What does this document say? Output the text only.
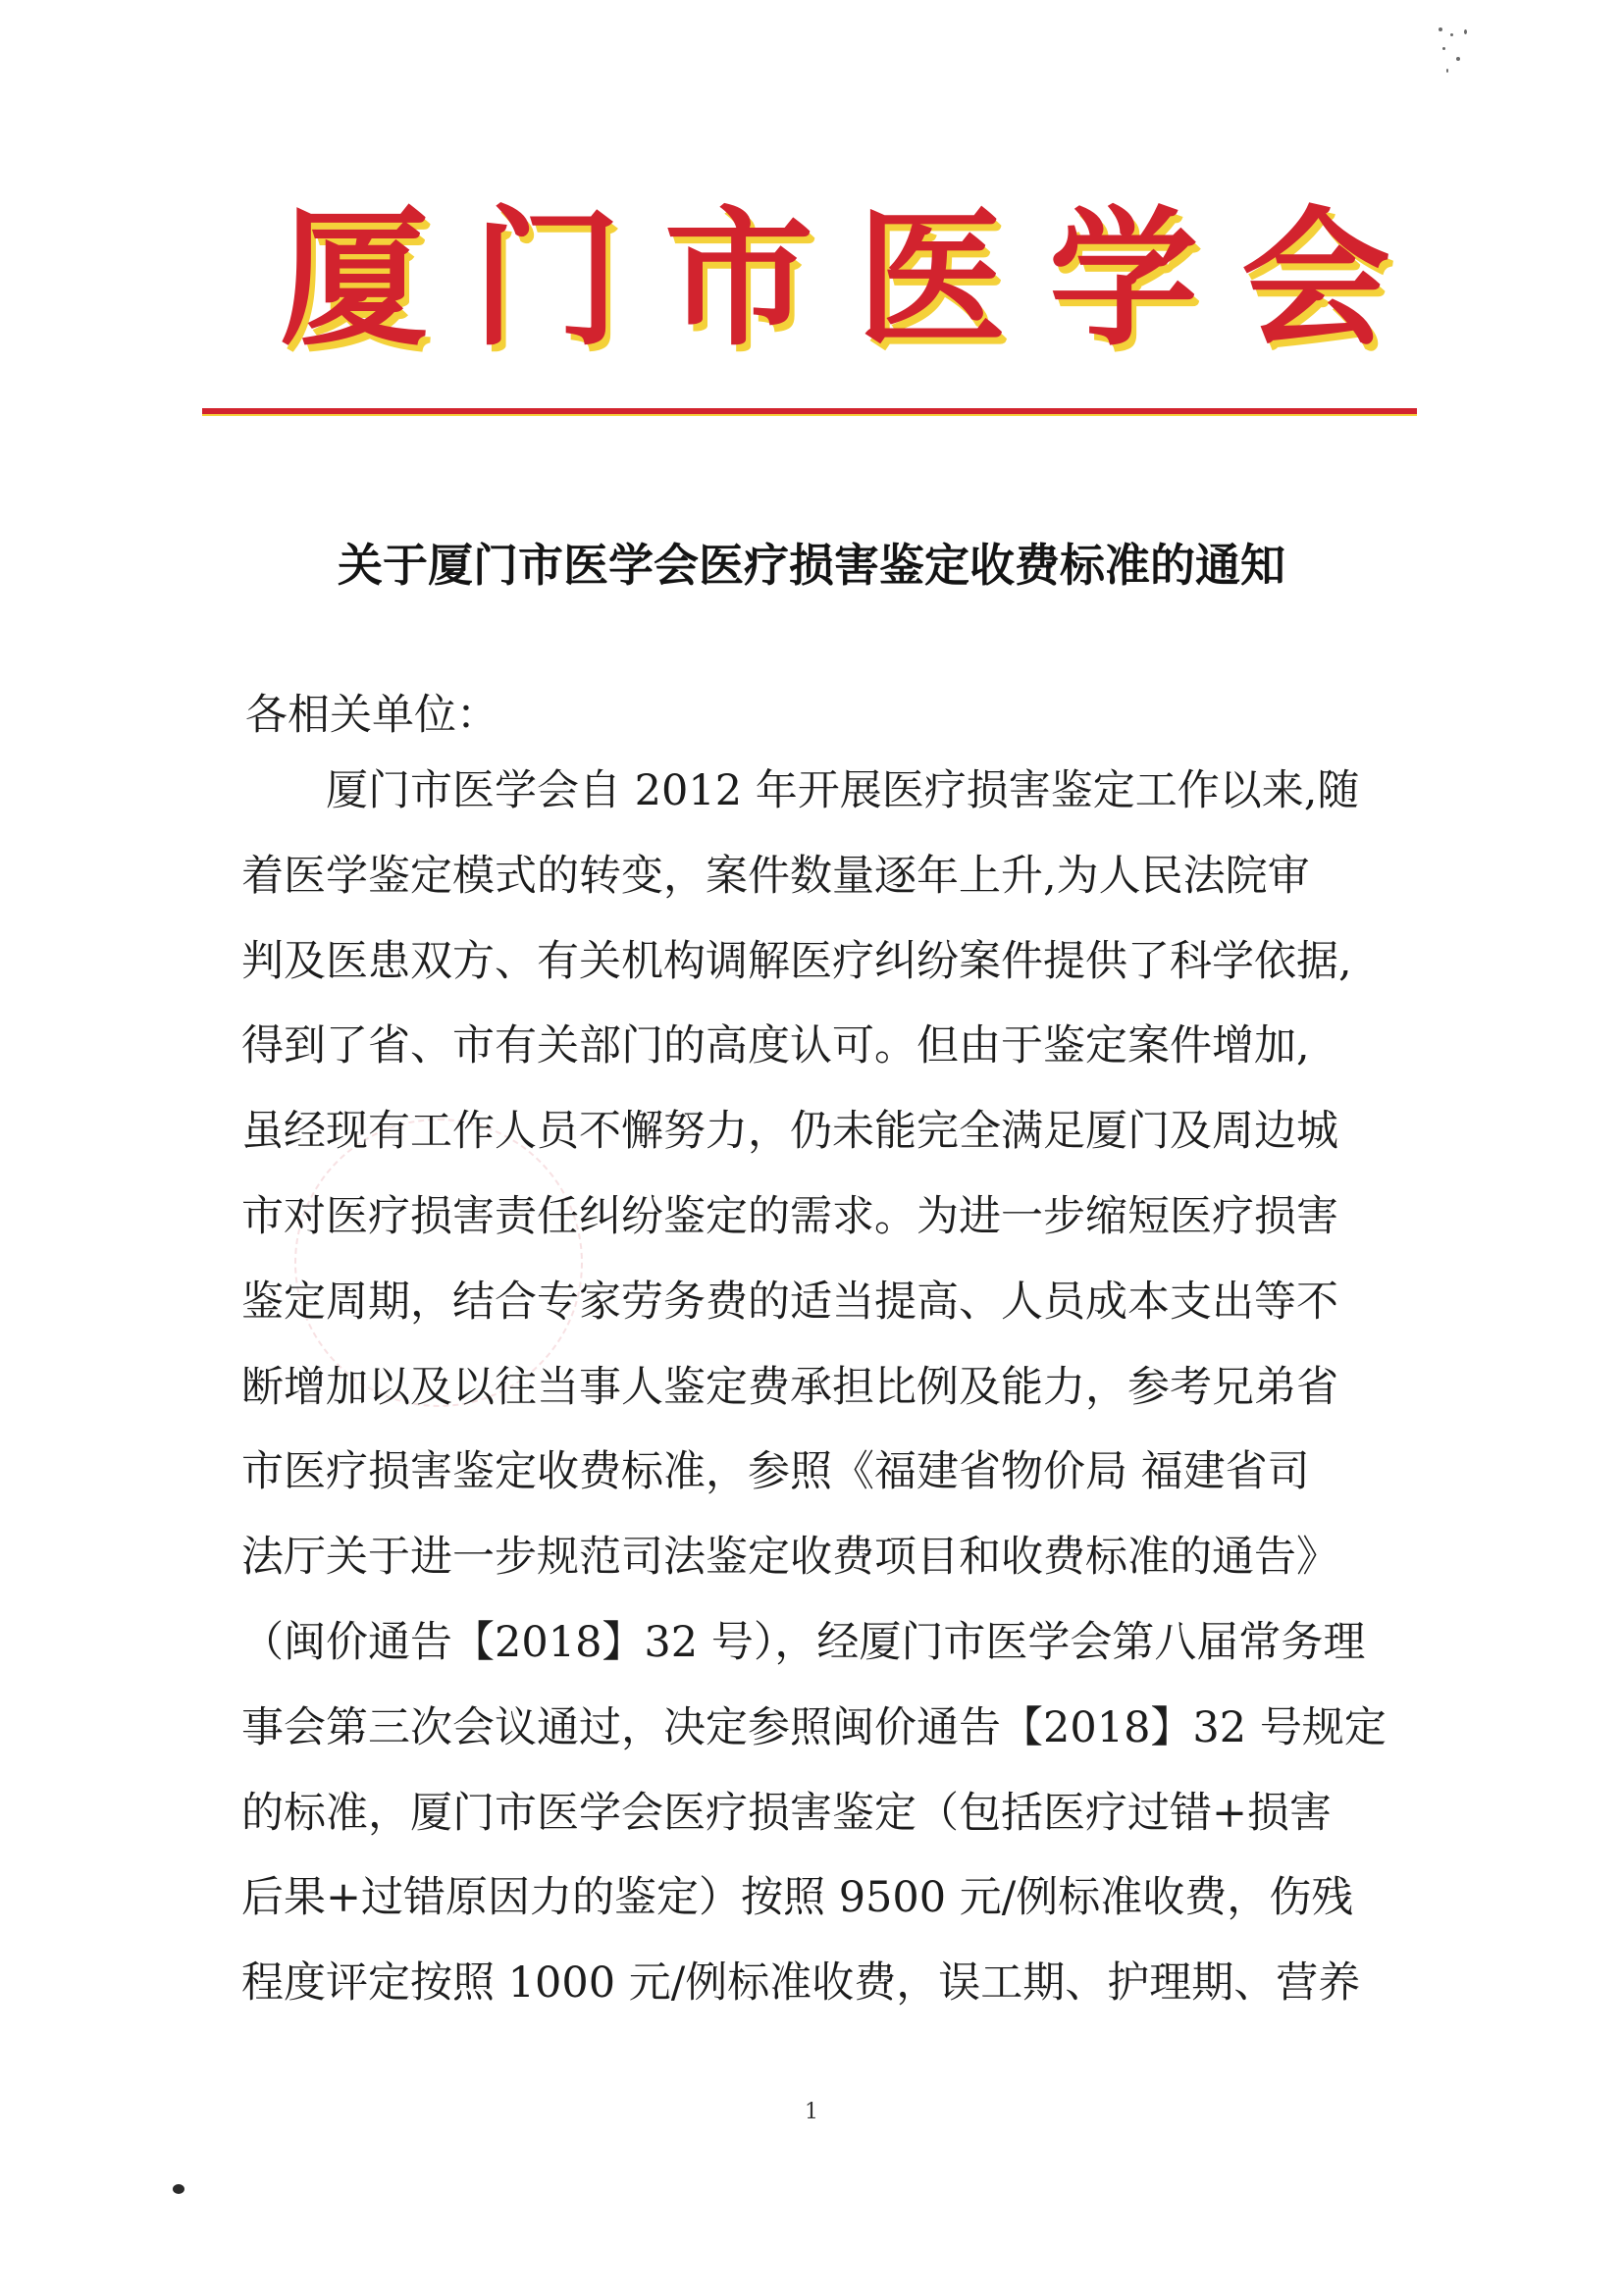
厦门市医学会
关于厦门市医学会医疗损害鉴定收费标准的通知
各相关单位：
厦门市医学会自 2012 年开展医疗损害鉴定工作以来,随
着医学鉴定模式的转变，案件数量逐年上升,为人民法院审
判及医患双方、有关机构调解医疗纠纷案件提供了科学依据,
得到了省、市有关部门的高度认可。但由于鉴定案件增加,
虽经现有工作人员不懈努力，仍未能完全满足厦门及周边城
市对医疗损害责任纠纷鉴定的需求。为进一步缩短医疗损害
鉴定周期，结合专家劳务费的适当提高、人员成本支出等不
断增加以及以往当事人鉴定费承担比例及能力，参考兄弟省
市医疗损害鉴定收费标准，参照《福建省物价局 福建省司
法厅关于进一步规范司法鉴定收费项目和收费标准的通告》
（闽价通告【2018】32 号），经厦门市医学会第八届常务理
事会第三次会议通过，决定参照闽价通告【2018】32 号规定
的标准，厦门市医学会医疗损害鉴定（包括医疗过错+损害
后果+过错原因力的鉴定）按照 9500 元/例标准收费，伤残
程度评定按照 1000 元/例标准收费，误工期、护理期、营养
1
